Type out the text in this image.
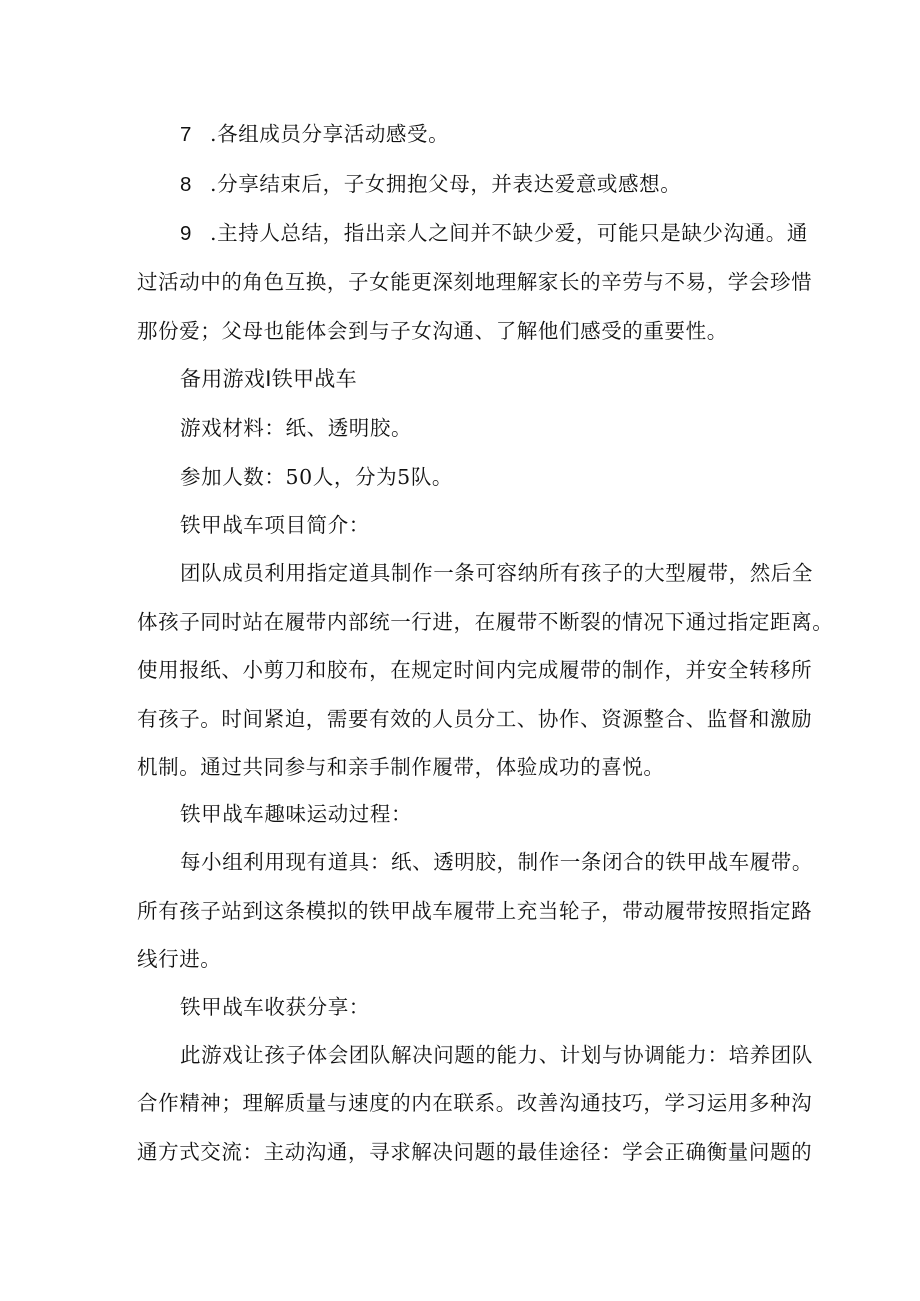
7 .各组成员分享活动感受。
8 .分享结束后，子女拥抱父母，并表达爱意或感想。
9 .主持人总结，指出亲人之间并不缺少爱，可能只是缺少沟通。通
过活动中的角色互换，子女能更深刻地理解家长的辛劳与不易，学会珍惜
那份爱；父母也能体会到与子女沟通、了解他们感受的重要性。
备用游戏Ⅰ铁甲战车
游戏材料：纸、透明胶。
参加人数：50人，分为5队。
铁甲战车项目简介：
团队成员利用指定道具制作一条可容纳所有孩子的大型履带，然后全
体孩子同时站在履带内部统一行进，在履带不断裂的情况下通过指定距离。
使用报纸、小剪刀和胶布，在规定时间内完成履带的制作，并安全转移所
有孩子。时间紧迫，需要有效的人员分工、协作、资源整合、监督和激励
机制。通过共同参与和亲手制作履带，体验成功的喜悦。
铁甲战车趣味运动过程：
每小组利用现有道具：纸、透明胶，制作一条闭合的铁甲战车履带。
所有孩子站到这条模拟的铁甲战车履带上充当轮子，带动履带按照指定路
线行进。
铁甲战车收获分享：
此游戏让孩子体会团队解决问题的能力、计划与协调能力：培养团队
合作精神；理解质量与速度的内在联系。改善沟通技巧，学习运用多种沟
通方式交流：主动沟通，寻求解决问题的最佳途径：学会正确衡量问题的
